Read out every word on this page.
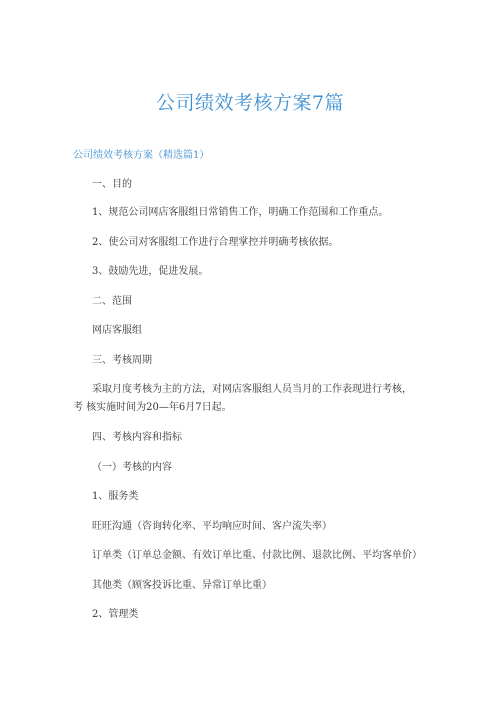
公司绩效考核方案7篇
公司绩效考核方案（精选篇1）
一、目的
1、规范公司网店客服组日常销售工作，明确工作范围和工作重点。
2、使公司对客服组工作进行合理掌控并明确考核依据。
3、鼓励先进，促进发展。
二、范围
网店客服组
三、考核周期
采取月度考核为主的方法，对网店客服组人员当月的工作表现进行考核，考 核实施时间为20—年6月7日起。
四、考核内容和指标
（一）考核的内容
1、服务类
旺旺沟通（咨询转化率、平均响应时间、客户流失率）
订单类（订单总金额、有效订单比重、付款比例、退款比例、平均客单价）
其他类（顾客投诉比重、异常订单比重）
2、管理类
